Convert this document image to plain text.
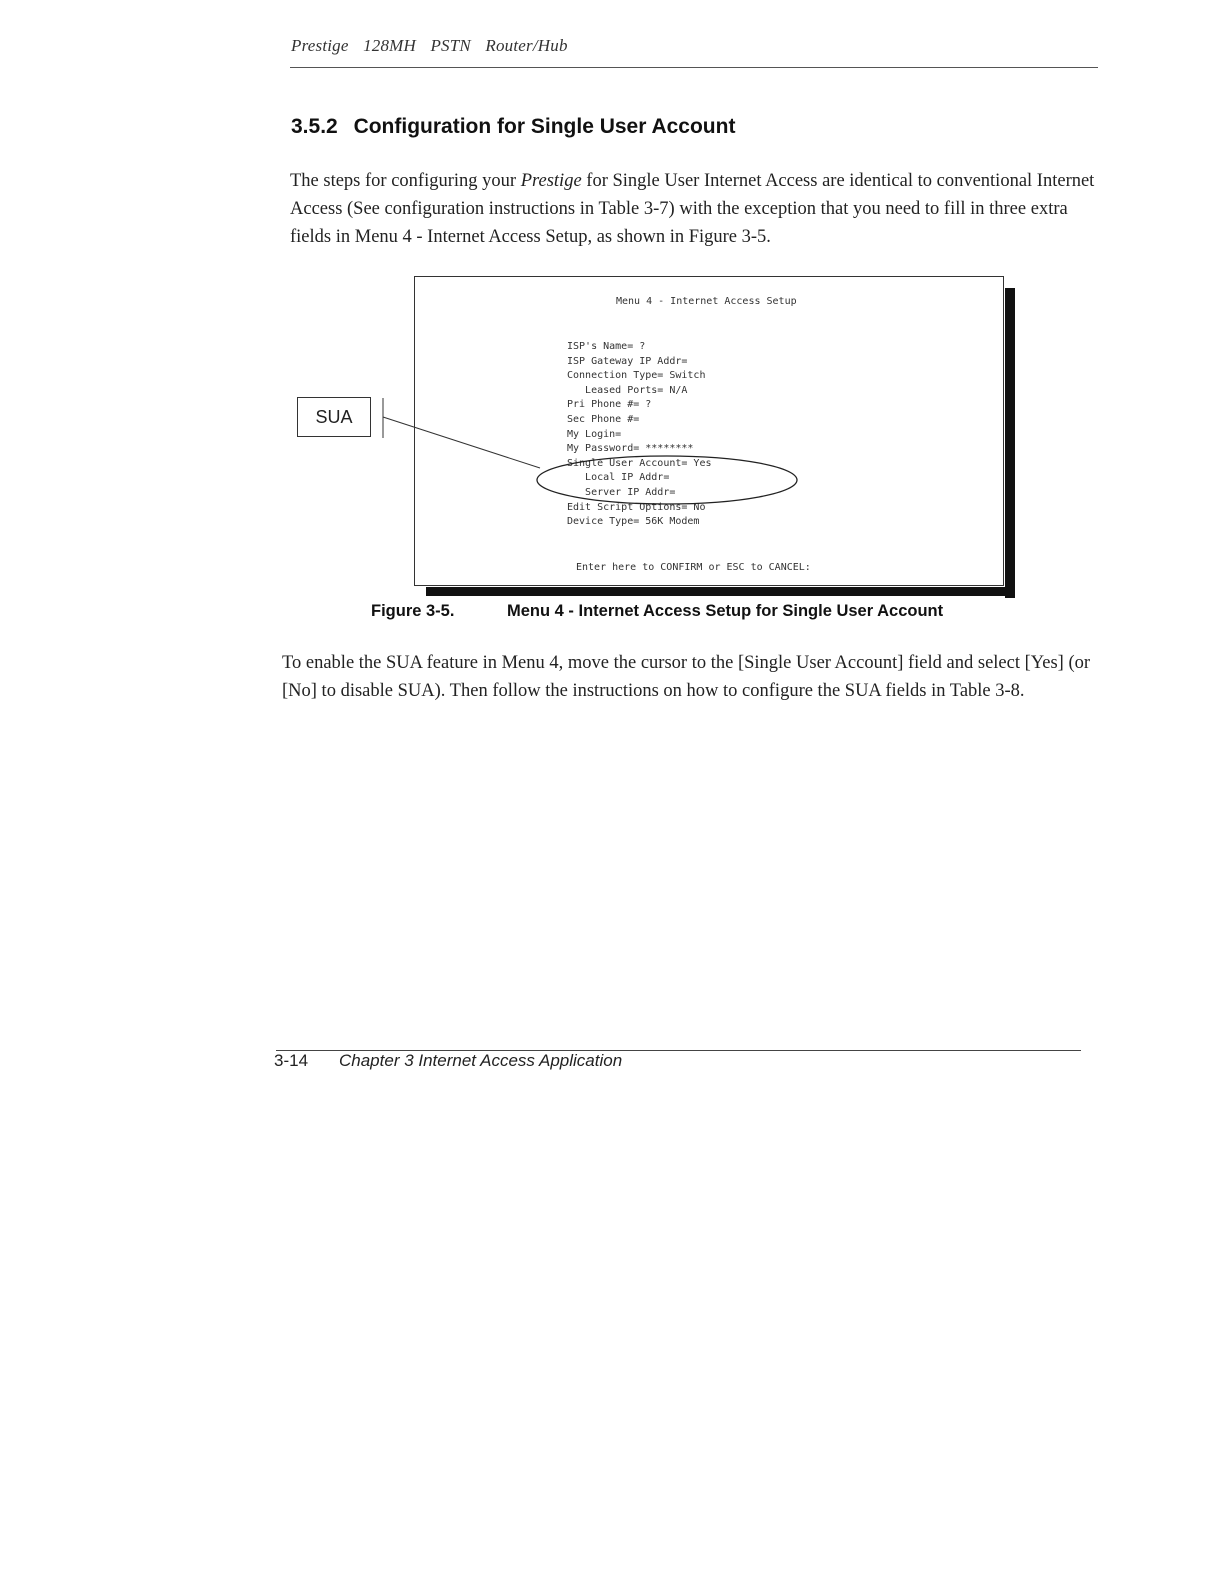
Prestige 128MH PSTN Router/Hub
3.5.2 Configuration for Single User Account
The steps for configuring your Prestige for Single User Internet Access are identical to conventional Internet Access (See configuration instructions in Table 3-7) with the exception that you need to fill in three extra fields in Menu 4 - Internet Access Setup, as shown in Figure 3-5.
Menu 4 - Internet Access Setup
ISP's Name= ?
ISP Gateway IP Addr=
Connection Type= Switch
Leased Ports= N/A
Pri Phone #= ?
Sec Phone #=
My Login=
My Password= ********
Single User Account= Yes
Local IP Addr=
Server IP Addr=
Edit Script Options= No
Device Type= 56K Modem
Enter here to CONFIRM or ESC to CANCEL:
SUA
Figure 3-5.	Menu 4 - Internet Access Setup for Single User Account
To enable the SUA feature in Menu 4, move the cursor to the [Single User Account] field and select [Yes] (or [No] to disable SUA). Then follow the instructions on how to configure the SUA fields in Table 3-8.
3-14 Chapter 3 Internet Access Application
